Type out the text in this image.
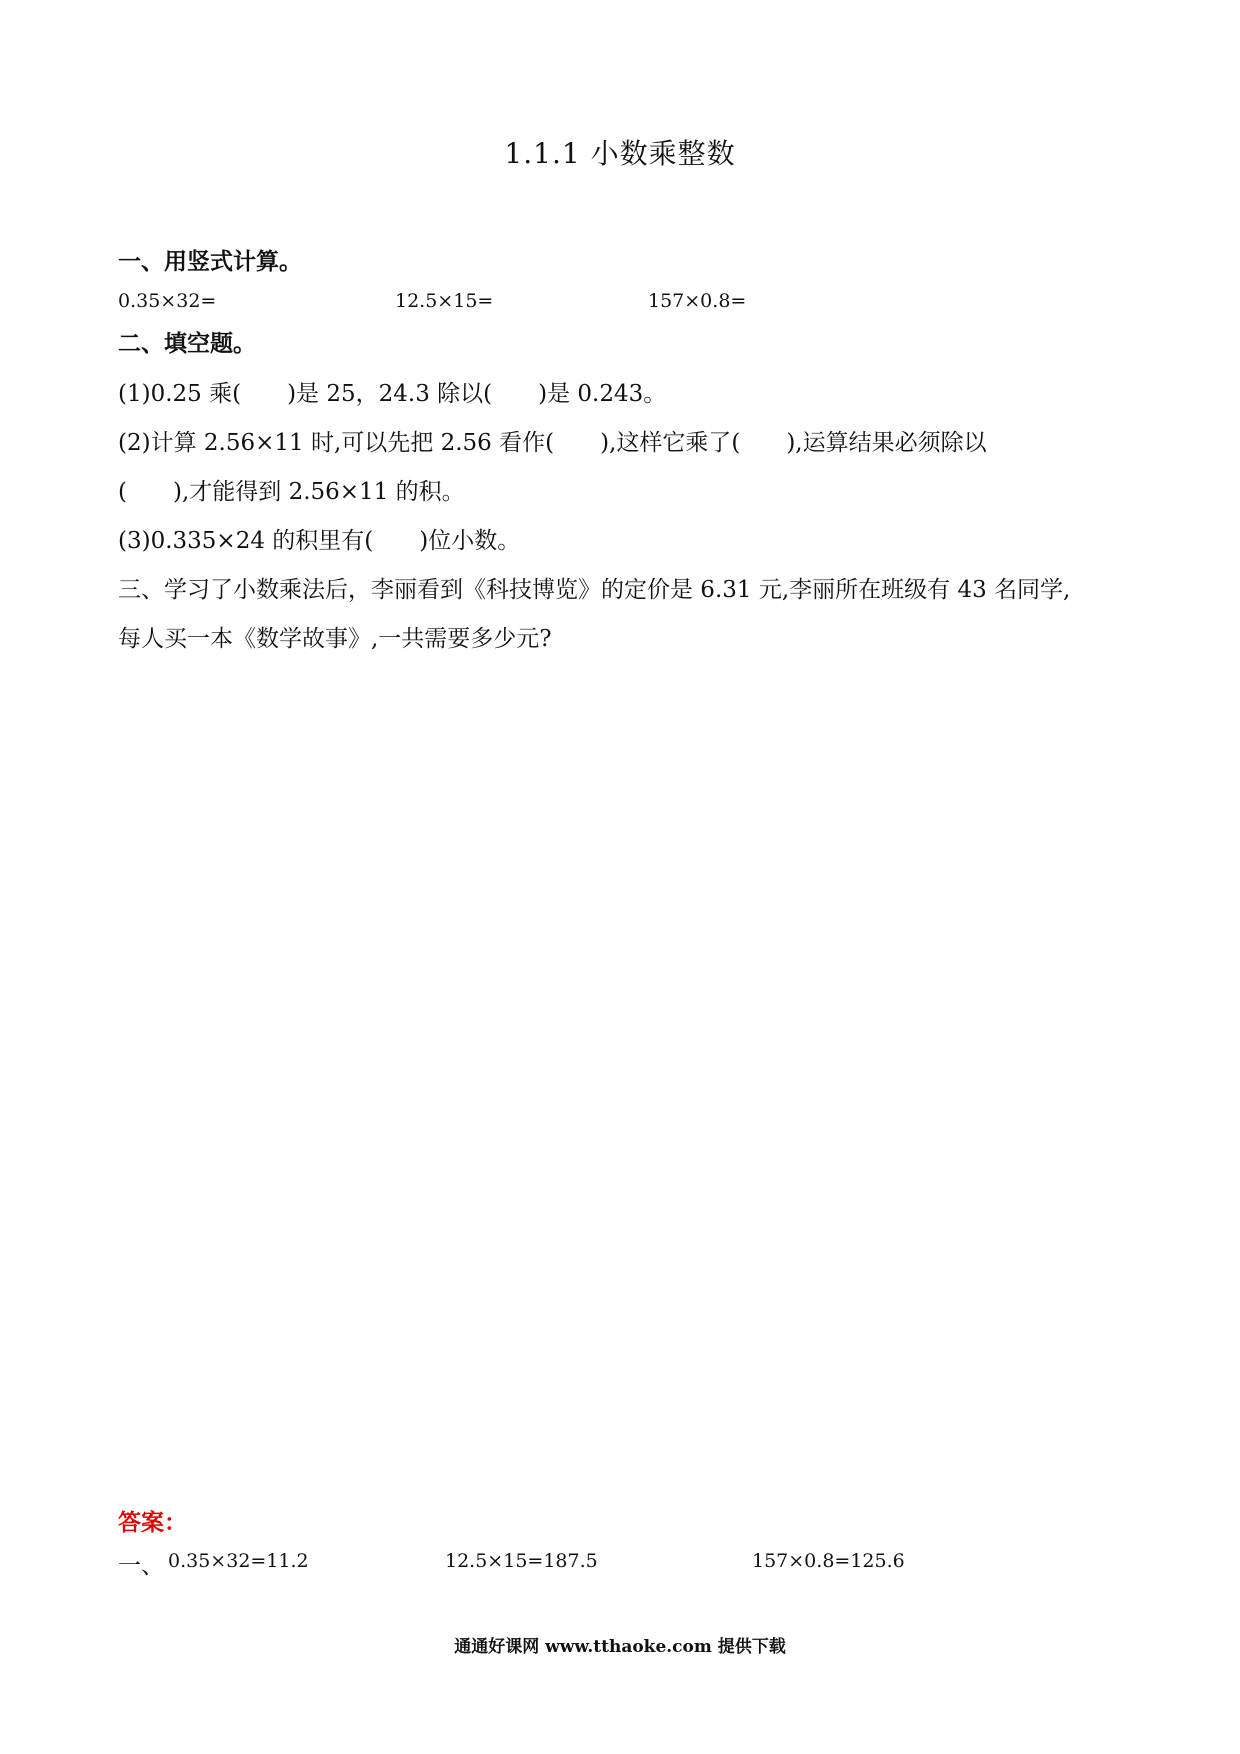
1.1.1 小数乘整数
一、用竖式计算。
0.35×32=	12.5×15=	157×0.8=
二、填空题。
(1)0.25 乘(　　)是 25，24.3 除以(　　)是 0.243。
(2)计算 2.56×11 时,可以先把 2.56 看作(　　),这样它乘了(　　),运算结果必须除以
(　　),才能得到 2.56×11 的积。
(3)0.335×24 的积里有(　　)位小数。
三、学习了小数乘法后，李丽看到《科技博览》的定价是 6.31 元,李丽所在班级有 43 名同学,
每人买一本《数学故事》,一共需要多少元?
答案：
一、 0.35×32=11.2	12.5×15=187.5	157×0.8=125.6
通通好课网 www.tthaoke.com 提供下载
